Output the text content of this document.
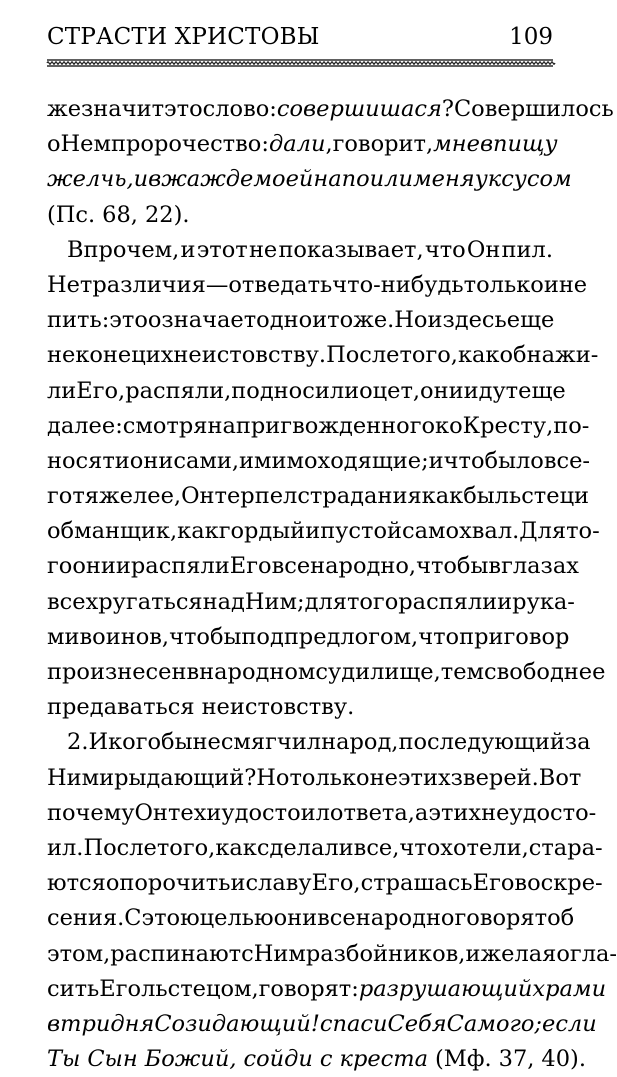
СТРАСТИ ХРИСТОВЫ	109
же значит это слово: совершишася? Совершилось
о Нем пророчество: дали, говорит, мне в пищу
желчь, и в жажде моей напоили меня уксусом
(Пс. 68, 22).
Впрочем, и этот не показывает, что Он пил.
Нет различия — отведать что-нибудь только и не
пить: это означает одно и то же. Но и здесь еще
не конец их неистовству. После того, как обнажи-
ли Его, распяли, подносили оцет, они идут еще
далее: смотря на пригвожденного ко Кресту, по-
носят и они сами, и мимоходящие; и что было все-
го тяжелее, Он терпел страдания как бы льстец и
обманщик, как гордый и пустой самохвал. Для то-
го они и распяли Его всенародно, чтобы в глазах
всех ругаться над Ним; для того распяли и рука-
ми воинов, чтобы под предлогом, что приговор
произнесен в народном судилище, тем свободнее
предаваться неистовству.
2. И кого бы не смягчил народ, последующий за
Ним и рыдающий? Но только не этих зверей. Вот
почему Он тех и удостоил ответа, а этих не удосто-
ил. После того, как сделали все, что хотели, стара-
ются опорочить и славу Его, страшась Его воскре-
сения. С этою целью они всенародно говорят об
этом, распинают с Ним разбойников, и желая огла-
сить Его льстецом, говорят: разрушающий храм и
в три дня Созидающий! спаси Себя Самого; если
Ты Сын Божий, сойди с креста (Мф. 37, 40).
